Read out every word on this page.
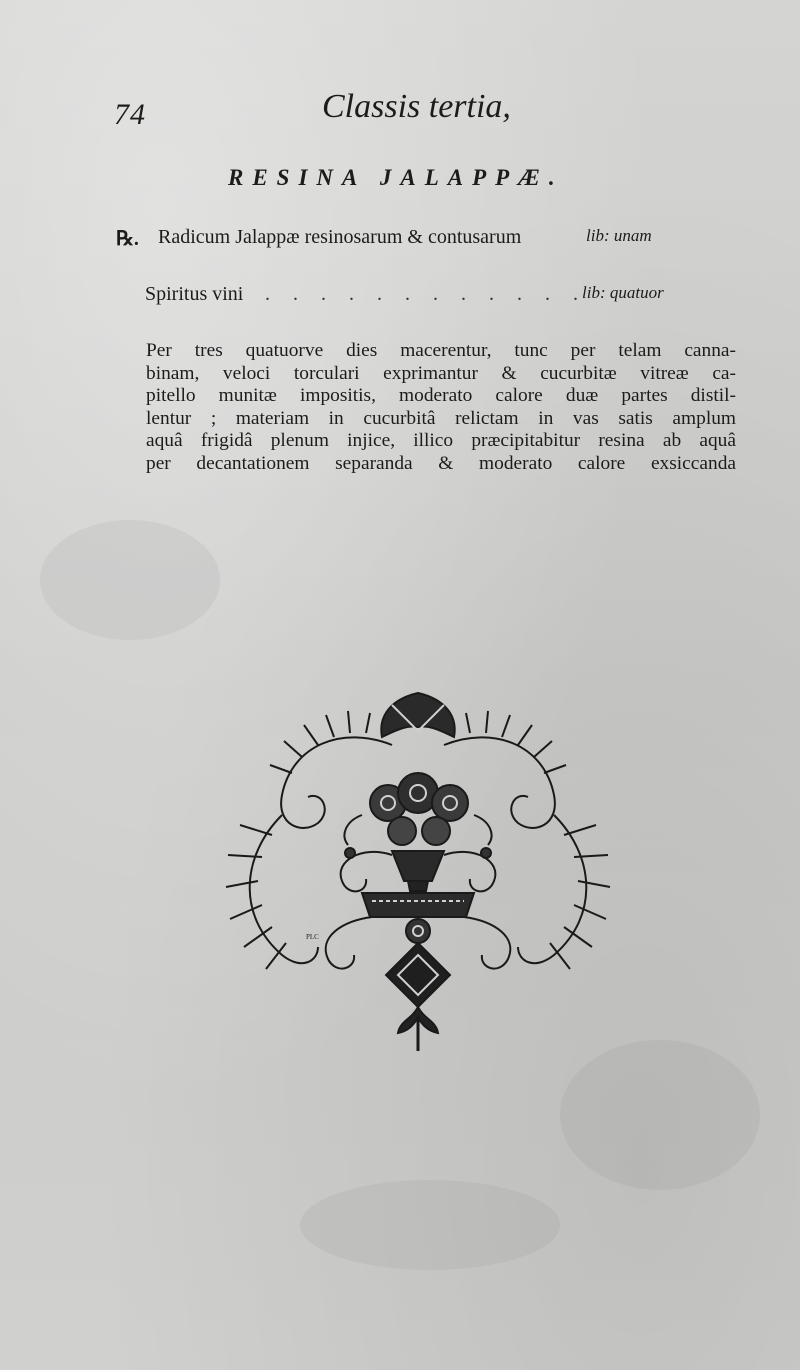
74	Classis tertia,
RESINA JALAPPÆ.
℞. Radicum Jalappæ resinosarum & contusarum	lib: unam
Spiritus vini . . . . . . . . . . . .
lib: quatuor
Per tres quatuorve dies macerentur, tunc per telam canna-
binam, veloci torculari exprimantur & cucurbitæ vitreæ ca-
pitello munitæ impositis, moderato calore duæ partes distil-
lentur ; materiam in cucurbitâ relictam in vas satis amplum
aquâ frigidâ plenum injice, illico præcipitabitur resina ab aquâ
per decantationem separanda & moderato calore exsiccanda
PLC
